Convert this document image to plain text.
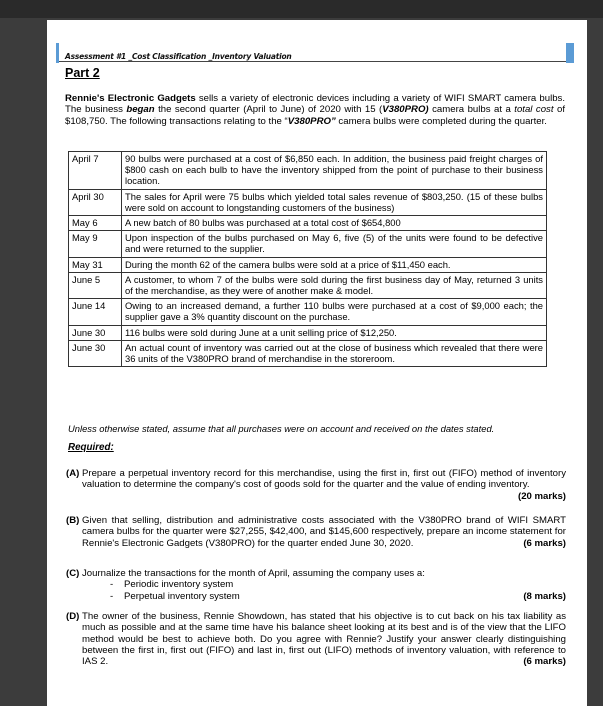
Assessment #1 _Cost Classification _Inventory Valuation
Part 2
Rennie's Electronic Gadgets sells a variety of electronic devices including a variety of WIFI SMART camera bulbs. The business began the second quarter (April to June) of 2020 with 15 (V380PRO) camera bulbs at a total cost of $108,750. The following transactions relating to the “V380PRO” camera bulbs were completed during the quarter.
April 7	90 bulbs were purchased at a cost of $6,850 each. In addition, the business paid freight charges of $800 cash on each bulb to have the inventory shipped from the point of purchase to their business location.
April 30	The sales for April were 75 bulbs which yielded total sales revenue of $803,250. (15 of these bulbs were sold on account to longstanding customers of the business)
May 6	A new batch of 80 bulbs was purchased at a total cost of $654,800
May 9	Upon inspection of the bulbs purchased on May 6, five (5) of the units were found to be defective and were returned to the supplier.
May 31	During the month 62 of the camera bulbs were sold at a price of $11,450 each.
June 5	A customer, to whom 7 of the bulbs were sold during the first business day of May, returned 3 units of the merchandise, as they were of another make & model.
June 14	Owing to an increased demand, a further 110 bulbs were purchased at a cost of $9,000 each; the supplier gave a 3% quantity discount on the purchase.
June 30	116 bulbs were sold during June at a unit selling price of $12,250.
June 30	An actual count of inventory was carried out at the close of business which revealed that there were 36 units of the V380PRO brand of merchandise in the storeroom.
Unless otherwise stated, assume that all purchases were on account and received on the dates stated.
Required:
(A) Prepare a perpetual inventory record for this merchandise, using the first in, first out (FIFO) method of inventory valuation to determine the company's cost of goods sold for the quarter and the value of ending inventory.
(20 marks)
(B) Given that selling, distribution and administrative costs associated with the V380PRO brand of WIFI SMART camera bulbs for the quarter were $27,255, $42,400, and $145,600 respectively, prepare an income statement for Rennie's Electronic Gadgets (V380PRO) for the quarter ended June 30, 2020.	(6 marks)
(C) Journalize the transactions for the month of April, assuming the company uses a:
- Periodic inventory system
- Perpetual inventory system	(8 marks)
(D) The owner of the business, Rennie Showdown, has stated that his objective is to cut back on his tax liability as much as possible and at the same time have his balance sheet looking at its best and is of the view that the LIFO method would be best to achieve both. Do you agree with Rennie? Justify your answer clearly distinguishing between the first in, first out (FIFO) and last in, first out (LIFO) methods of inventory valuation, with reference to IAS 2.	(6 marks)
